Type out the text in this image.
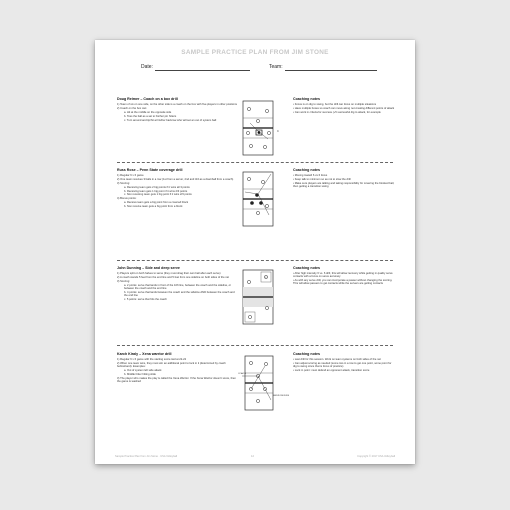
SAMPLE PRACTICE PLAN FROM JIM STONE
Date:	Team:
Doug Reimer – Coach on a box drill
1) Team of six on one side, on the other side is a coach on the box with five players in other positions
2) Coach on the box can:
a. Hit at the middle on the opposite side
b. Toss the ball as a set to his/her pin hitters
c. Turn around and tip/hit at his/her backrow who will set an out of system ball
C
Coaching notes
• Focus is on dig to swing, but the drill can focus on multiple situations
• Have multiple boxes so coach can move along net creating different points of attack
• Can work in criteria for success (+5 successful dig to attack, for example
Russ Rose – Penn State coverage drill
1) Regular 6 v 6 game
2) One team receives 3 balls in a row (1st from a server, 2nd and 3rd as a downball from a coach)
3) Scoring:
a. Receiving team gets 2 big points if it wins all 3 points
b. Receiving team gets 1 big point if it wins 2/3 points
c. Non receiving team gets 1 big point if it wins 2/3 points
4) Bonus points:
a. Receive team gets a big point from a covered block
b. Non receive team gets a big point from a block
Coaching notes
• Moving toward 6 vs 6 focus
• Keep talk to minimum so as not to slow the drill
• Make sure players are talking and taking responsibility for covering the blocked ball, then getting a transition swing
John Dunning – Side and deep serve
1) Players split on both halves to serve (they must shag their own ball after each serve)
2) A coach stands 5 feet from the end line and 5 feet from one sideline on both sides of the net
3) Scoring:
a. 2 points: serve that lands in front of the 10ft line, between the coach and the sideline, or between the coach and the end line
b. 4 points: serve that lands between the coach and the sideline AND between the coach and the end line
c. 5 points: serve that hits the coach
C
Coaching notes
• After high intensity 6 vs. 6 drill, this will allow recovery while getting in quality serve contacts with a focus on serve accuracy
• As with any serve drill, you can incorporate a passer without changing the scoring. This will allow passers to get contacts while the servers are getting contacts
Karch Kiraly – Xena warrior drill
1) Regular 6 v 6 game with the starting score tied at 22-22
2) When one team wins, they must win an additional point to lock in it (determined by coach beforehand). Examples:
a. Out of system left side attack
b. Middle hitter hitting slide
3) The player who makes the play is called the Xena Warrior. If the Xena Warrior doesn't score, then the game is washed
COACH
SERVE RECEIVE
Coaching notes
• Last drill for this session. Work on team systems on both sides of the net
• Can adjust scoring as needed (some two in a row to get one point, some point for dig to swing since that is focus of practice)
• Lock in point: must defend an opponent attack, transition score
Sample Practice Plan from Jim Stone · USA Volleyball	12	Copyright © 2017 USA Volleyball
